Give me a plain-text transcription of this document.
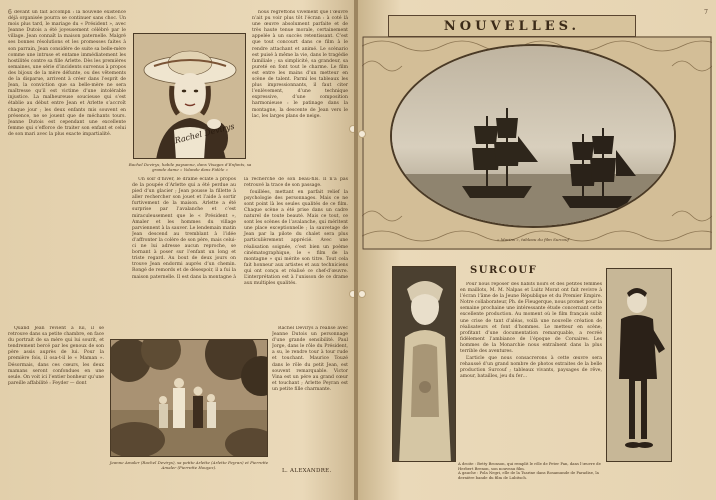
6 devant un fait accompli : la nouvelle existence déjà organisée pourra se continuer sans choc. Un mois plus tard, le mariage du « Président », avec Jeanne Dutois a été joyeusement célébré par le village. Jean connaît la maison paternelle. Malgré ses bonnes résolutions et les promesses faites à son parrain, Jean considère de suite sa belle-mère comme une intruse et entame immédiatement les hostilités contre sa fille Arlette. Dès les premières semaines, une série d’incidents survenus à propos des bijoux de la mère défunte, ou des vêtements de la disparue, arrivent à créer dans l’esprit de Jean, la conviction que sa belle-mère ne sera maîtresse qu’il est victime d’une intolérable injustice. La malheureuse soucieuse qui s’est établie au début entre Jean et Arlette s’accroît chaque jour ; les deux enfants mis souvent en présence, ne se jouent que de méchants tours. Jeanne Dutois est cependant une excellente femme qui s’efforce de traiter son enfant et celui de son mari avec la plus exacte impartialité.	Rachel Devirys
Rachel Devirys, habile paysanne, dans Visages d’Enfants, sa grande dame « Yolande dans Fidèle »

nous regrettons vivement que l’œuvre n’ait pu voir plus tôt l’écran : à coté là une œuvre absolument parfaite et de très haute tenue morale, certainement appelée à un succès retentissant. C’est que tout concourt dans ce film à le rendre attachant et animé. Le scénario est puisé à même la vie, dans le tragédie familiale ; sa simplicité, sa grandeur, sa pureté en font tout le charme. Le film est entre les mains d’un metteur en scène de talent. Parmi les tableaux les plus impressionnants, il faut citer l’enlèvement, d’une technique expressive, d’une composition harmonieuse : le patinage dans la montagne, la descente de Jean vers le lac, les larges plans de neige.

Un soir d’hiver, le drame éclate à propos de la poupée d’Arlette qui a été perdue au pied d’un glacier ; Jean pousse la fillette à aller rechercher son jouet et l’aide à sortir furtivement de la maison. Arlette a été surprise par l’avalanche et c’est miraculeusement que le « Président », Amaler et les hommes du village parviennent à la sauver. Le lendemain matin Jean descend au tremblant à l’idée d’affronter la colère de son père, mais celui-ci ne lui adresse aucun reproche, se bornant à poser sur l’enfant un long et triste regard. Au bout de deux jours on trouve Jean endormi auprès d’un chemin. Rongé de remords et de désespoir, il a fui la maison paternelle. Il est dans la montagne à la recherche de son beau-fils. Il n’a pas retrouvé la trace de son passage.

fouillées, mettant en parfait relief la psychologie des personnages. Mais ce ne sont point là les seules qualités de ce film. Chaque scène a été prise dans un cadre naturel de toute beauté. Mais ce tout, ce sont les scènes de l’avalanche, qui méritent une place exceptionnelle ; la sauvetage de Jean par la pilote du chalet sera plus particulièrement apprécié. Avec une réalisation soignée, c’est bien un poème cinématographique, le « film de la montagne » qui mérite son titre. Tout cela fait honneur aux artistes et aux techniciens qui ont conçu et réalisé ce chef-d’œuvre. L’interprétation est à l’unisson de ce drame aux multiples qualités.

Quand Jean revient à lui, il se retrouve dans sa petite chambre, en face du portrait de sa mère qui lui sourit, et tendrement bercé par les genoux de son père assis auprès de lui. Pour la première fois, il osa-t-il le « Maman ». Désormais, dans ces cœurs, les deux mamans seront confondues en une seule. On voit ici l’entier bonheur qu’une pareille affabilité : Feyder — dont

Jeanne Amaler (Rachel Devirys), sa petite Arlette (Arlette Peyran) et Pierrette Amaler (Pierrette Houyez).

Rachel Devirys a réalisé avec Jeanne Dutois un personnage d’une grande sensibilité. Paul Jorge, dans le rôle du Président, a su, le rendre tour à tour rude et touchant. Maurice Touzé dans le rôle du petit Jean, est souvent remarquable. Victor Vina est un pére au grand cœur et touchant ; Arlette Peyran est un petite fille charmante.

L. ALEXANDRE.
7
NOUVELLES.
« Marins », tableau du film Surcouf
SURCOUF

Pour nous reposer des habits noirs et des petites femmes en maillots, M. M. Nalpas et Luitz Morat ont fait revivre à l’écran l’âme de la Jeune République et du Premier Empire. Notre collaborateur, Ph. de Fleugerque, nous promet pour la semaine prochaine une intéressante étude concernant cette excellente production. Au moment où le film français subit une crise de tant d’aléas, voilà une nouvelle création de réalisateurs et font d’hommes. Le metteur en scène, profitant d’une documentation remarquable, a recréé fidèlement l’ambiance de l’époque de Corsaires. Les hommes de la Monarchie nous entraînent dans la plus terrible des aventures.

L’article que nous consacrerons à cette œuvre sera rehaussé d’un grand nombre de photos extraites de la belle production Surcouf ; tableaux vivants, paysages de rêve, amour, batailles, jeu du fer…

A droite : Betty Bronson, qui remplit le rôle de Peter Pan, dans l’œuvre de Herbert Brenon, son nouveau film.
A gauche : Pola Negri, elle de la Tsarine dans Rosamunde de Paradise, la dernière bande du film de Lubitsch.
